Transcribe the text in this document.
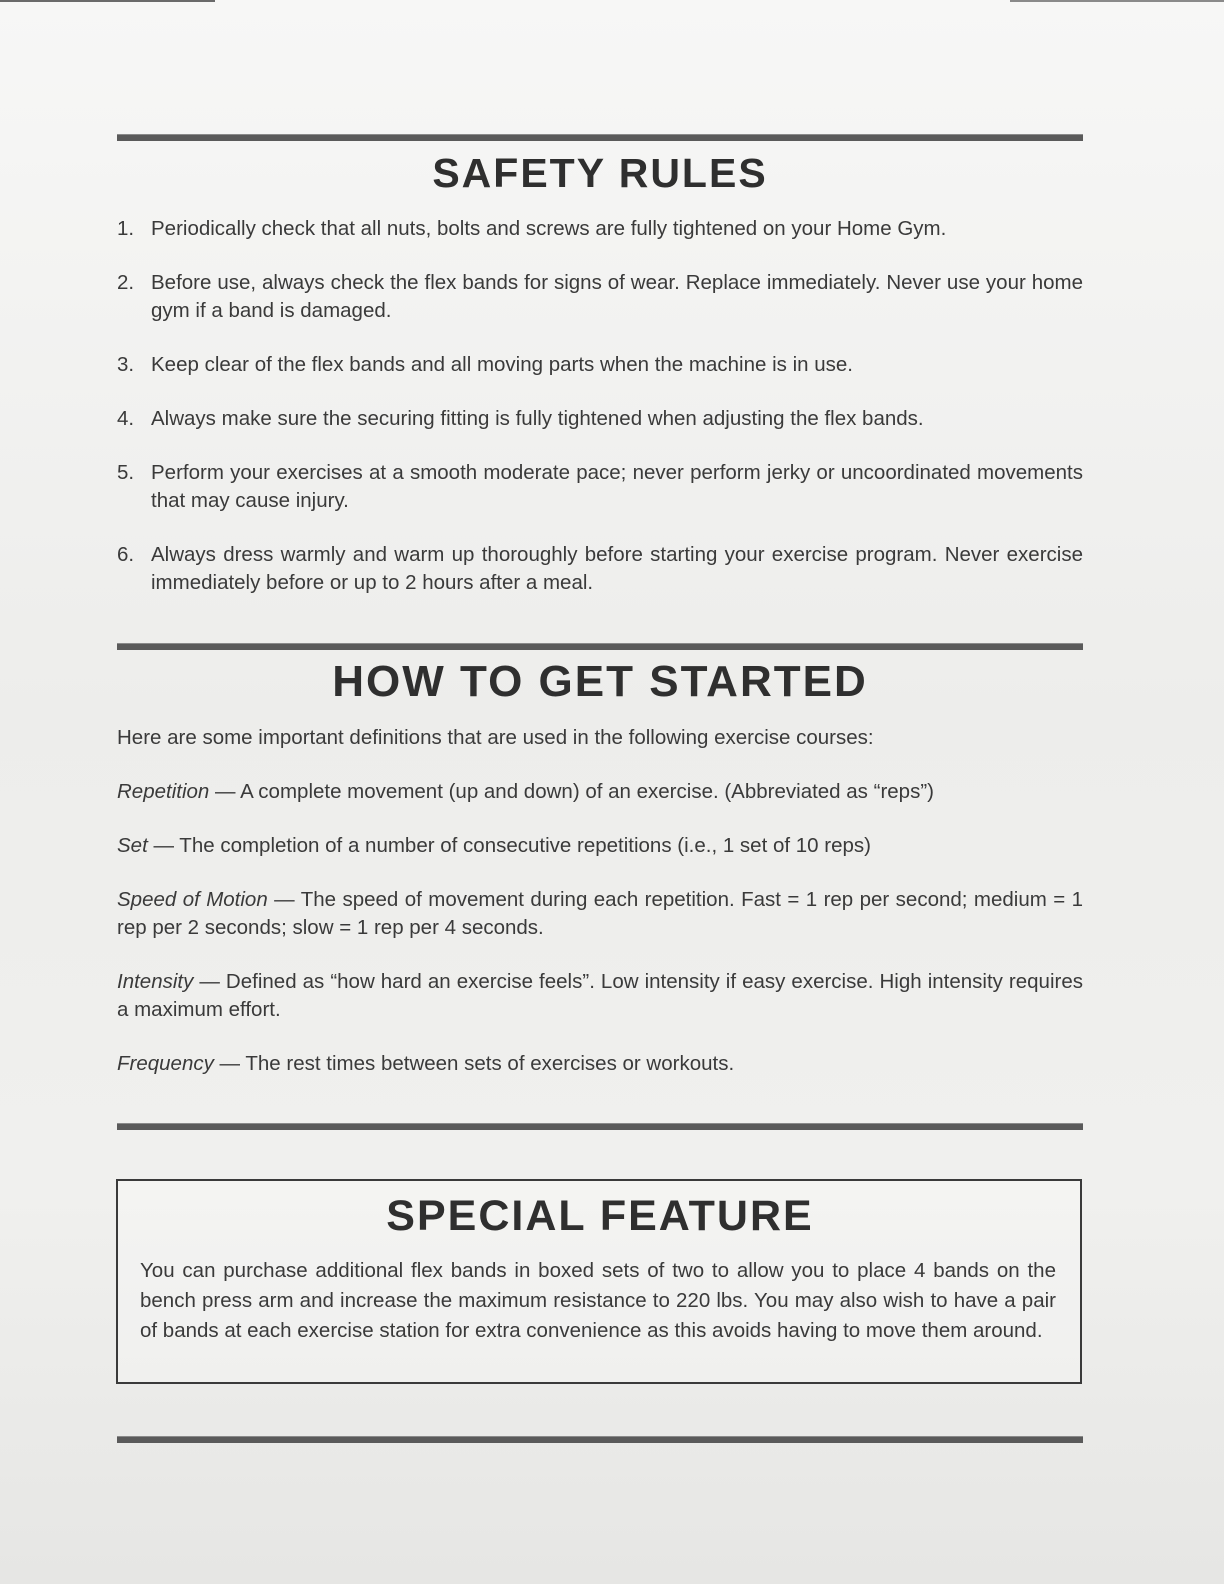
SAFETY RULES
1. Periodically check that all nuts, bolts and screws are fully tightened on your Home Gym.
2. Before use, always check the flex bands for signs of wear. Replace immediately. Never use your home gym if a band is damaged.
3. Keep clear of the flex bands and all moving parts when the machine is in use.
4. Always make sure the securing fitting is fully tightened when adjusting the flex bands.
5. Perform your exercises at a smooth moderate pace; never perform jerky or uncoordinated movements that may cause injury.
6. Always dress warmly and warm up thoroughly before starting your exercise program. Never exercise immediately before or up to 2 hours after a meal.
HOW TO GET STARTED

Here are some important definitions that are used in the following exercise courses:

Repetition — A complete movement (up and down) of an exercise. (Abbreviated as “reps”)

Set — The completion of a number of consecutive repetitions (i.e., 1 set of 10 reps)

Speed of Motion — The speed of movement during each repetition. Fast = 1 rep per second; medium = 1 rep per 2 seconds; slow = 1 rep per 4 seconds.

Intensity — Defined as “how hard an exercise feels”. Low intensity if easy exercise. High intensity requires a maximum effort.

Frequency — The rest times between sets of exercises or workouts.

SPECIAL FEATURE

You can purchase additional flex bands in boxed sets of two to allow you to place 4 bands on the bench press arm and increase the maximum resistance to 220 lbs. You may also wish to have a pair of bands at each exercise station for extra convenience as this avoids having to move them around.
